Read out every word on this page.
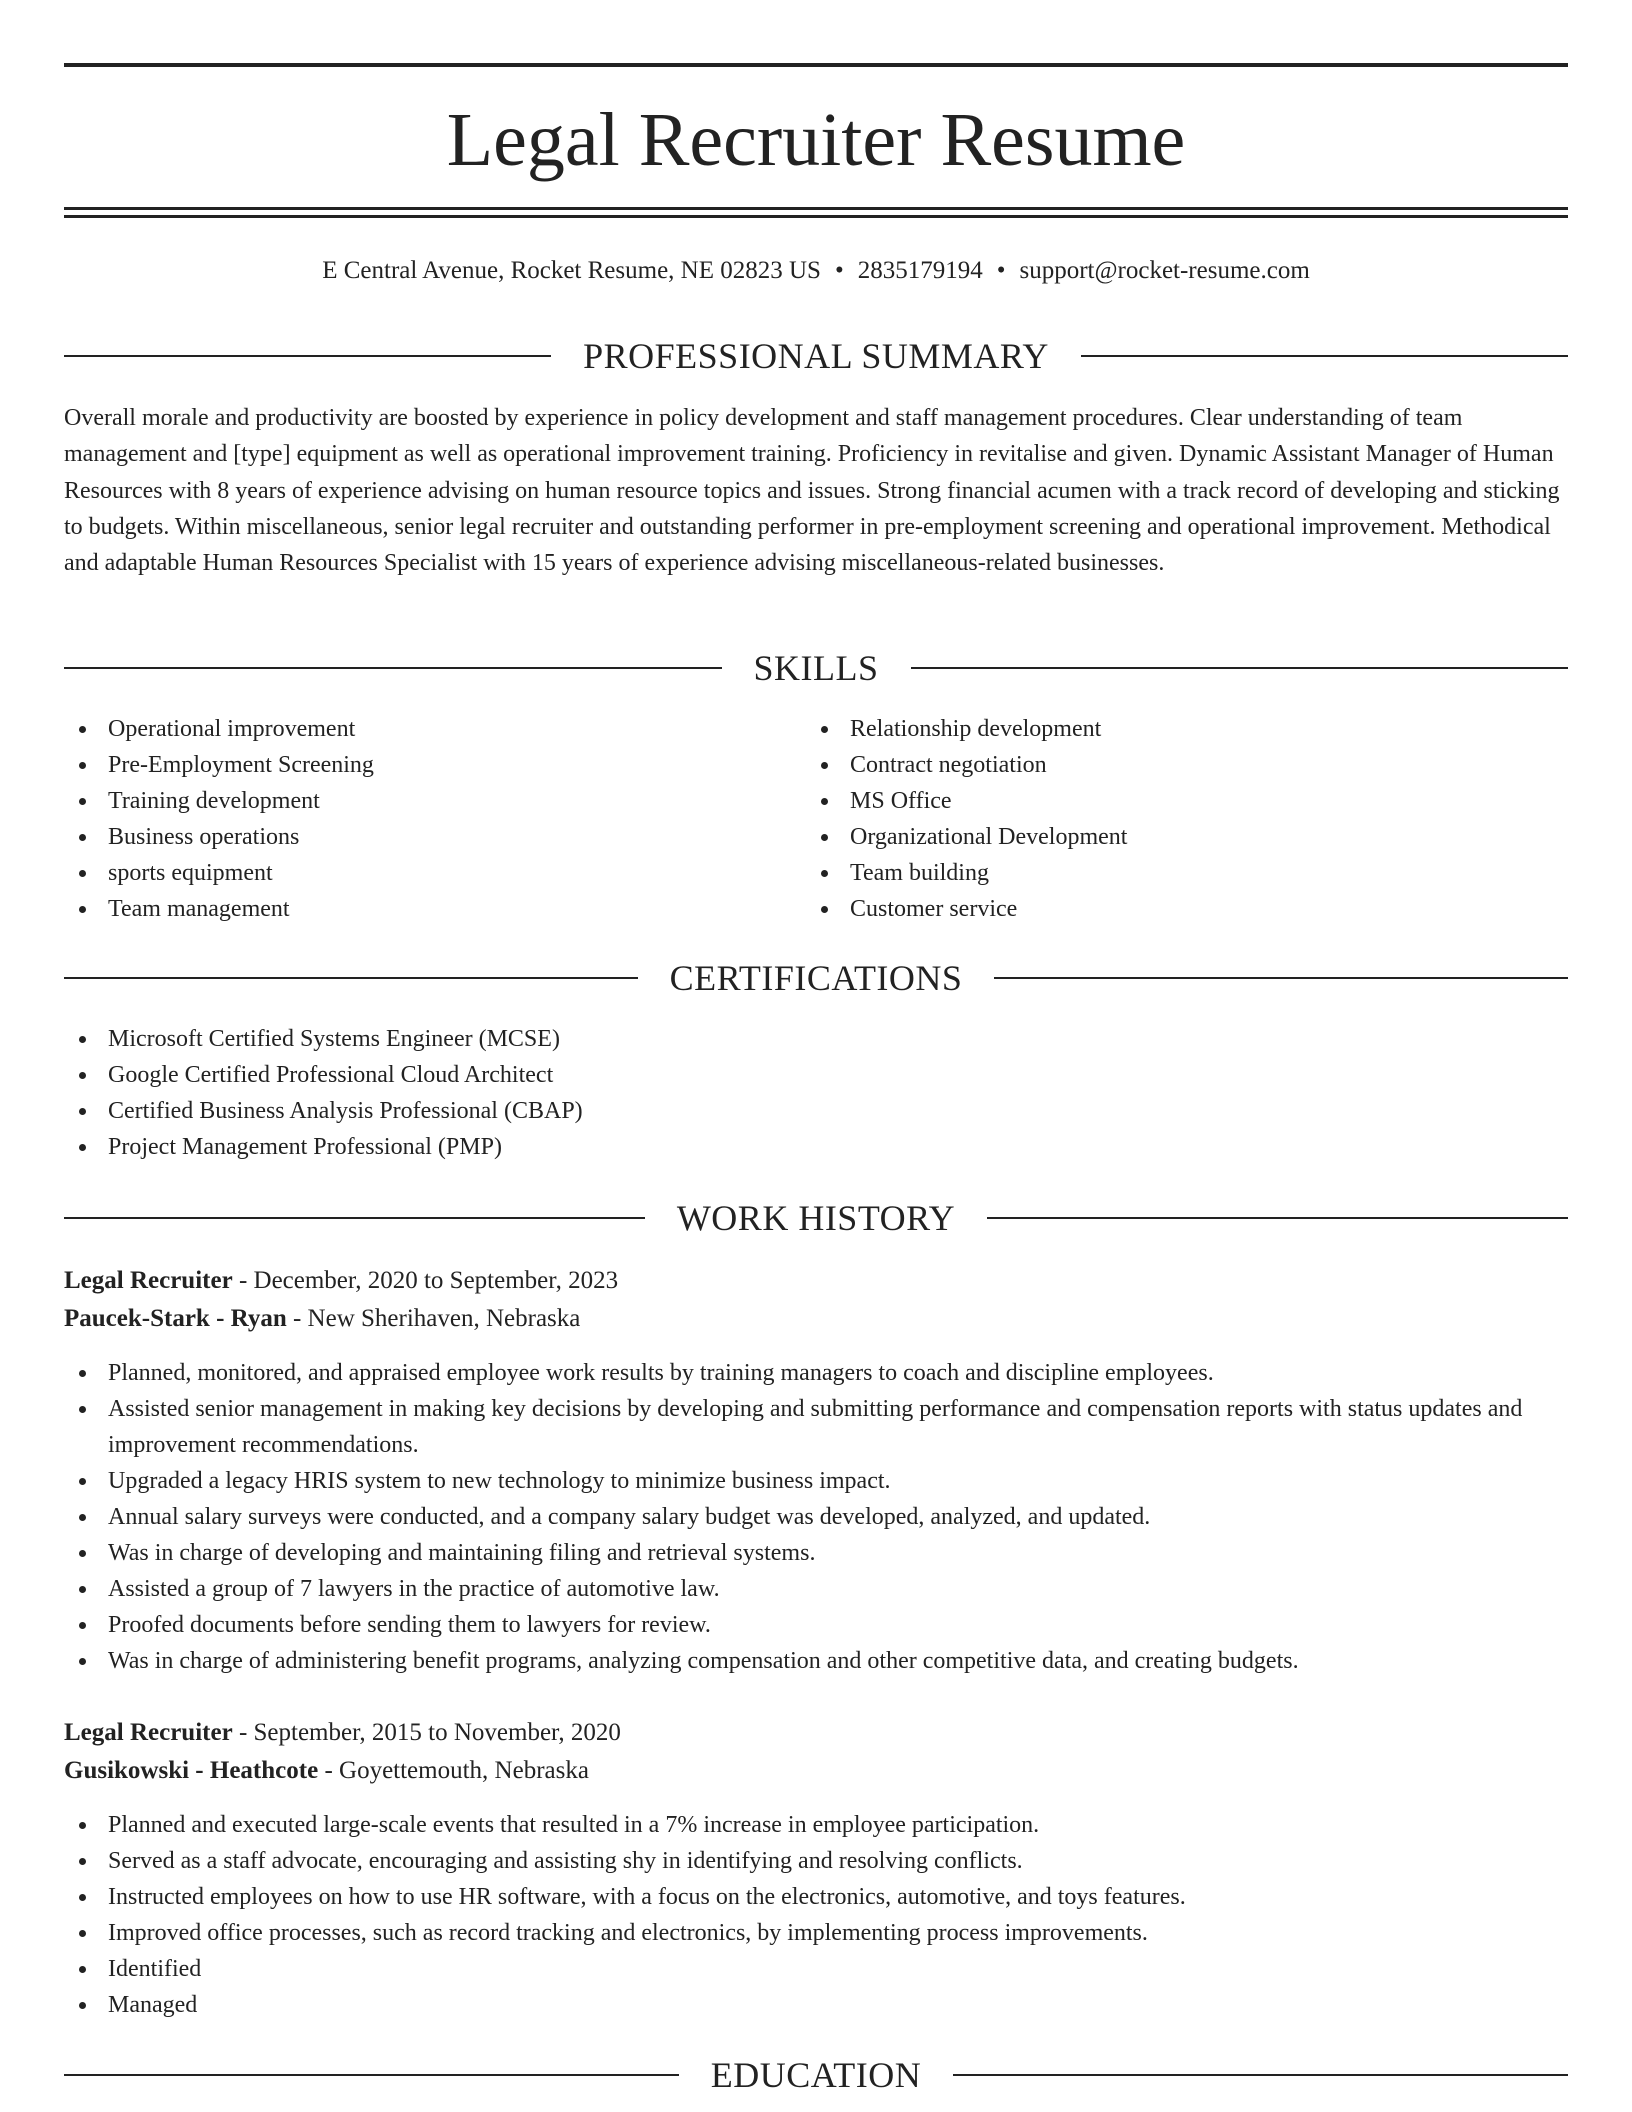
Legal Recruiter Resume
E Central Avenue, Rocket Resume, NE 02823 US • 2835179194 • support@rocket-resume.com
PROFESSIONAL SUMMARY

Overall morale and productivity are boosted by experience in policy development and staff management procedures. Clear understanding of team management and [type] equipment as well as operational improvement training. Proficiency in revitalise and given. Dynamic Assistant Manager of Human Resources with 8 years of experience advising on human resource topics and issues. Strong financial acumen with a track record of developing and sticking to budgets. Within miscellaneous, senior legal recruiter and outstanding performer in pre-employment screening and operational improvement. Methodical and adaptable Human Resources Specialist with 15 years of experience advising miscellaneous-related businesses.

SKILLS
Operational improvement
Pre-Employment Screening
Training development
Business operations
sports equipment
Team management
Relationship development
Contract negotiation
MS Office
Organizational Development
Team building
Customer service
CERTIFICATIONS
Microsoft Certified Systems Engineer (MCSE)
Google Certified Professional Cloud Architect
Certified Business Analysis Professional (CBAP)
Project Management Professional (PMP)
WORK HISTORY
Legal Recruiter - December, 2020 to September, 2023
Paucek-Stark - Ryan - New Sherihaven, Nebraska
Planned, monitored, and appraised employee work results by training managers to coach and discipline employees.
Assisted senior management in making key decisions by developing and submitting performance and compensation reports with status updates and improvement recommendations.
Upgraded a legacy HRIS system to new technology to minimize business impact.
Annual salary surveys were conducted, and a company salary budget was developed, analyzed, and updated.
Was in charge of developing and maintaining filing and retrieval systems.
Assisted a group of 7 lawyers in the practice of automotive law.
Proofed documents before sending them to lawyers for review.
Was in charge of administering benefit programs, analyzing compensation and other competitive data, and creating budgets.
Legal Recruiter - September, 2015 to November, 2020
Gusikowski - Heathcote - Goyettemouth, Nebraska
Planned and executed large-scale events that resulted in a 7% increase in employee participation.
Served as a staff advocate, encouraging and assisting shy in identifying and resolving conflicts.
Instructed employees on how to use HR software, with a focus on the electronics, automotive, and toys features.
Improved office processes, such as record tracking and electronics, by implementing process improvements.
Identified
Managed
EDUCATION
